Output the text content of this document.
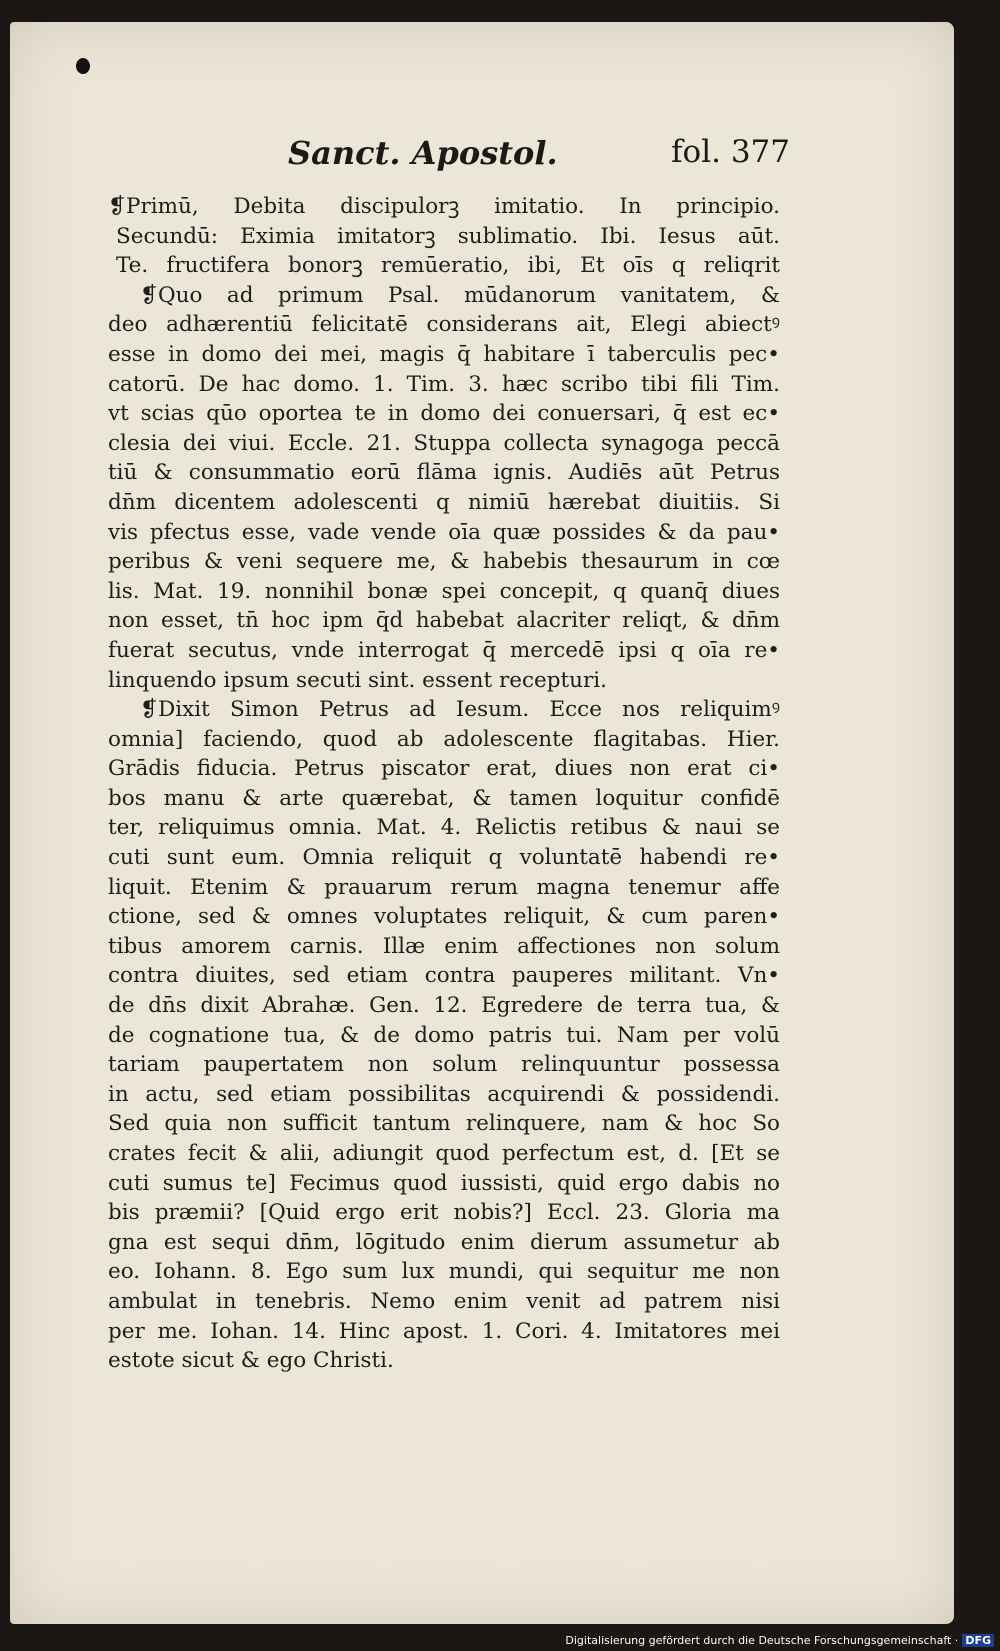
Sanct. Apostol.	fol. 377
❡Primū, Debita discipulorꝫ imitatio. In principio.
Secundū: Eximia imitatorꝫ sublimatio. Ibi. Iesus aūt.
Te. fructifera bonorꝫ remūeratio, ibi, Et oīs q reliqrit
❡Quo ad primum Psal. mūdanorum vanitatem, &
deo adhærentiū felicitatē considerans ait, Elegi abiectꝰ
esse in domo dei mei, magis q̄ habitare ī taberculis pec•
catorū. De hac domo. 1. Tim. 3. hæc scribo tibi fili Tim.
vt scias qūo oportea te in domo dei conuersari, q̄ est ec•
clesia dei viui. Eccle. 21. Stuppa collecta synagoga peccā
tiū & consummatio eorū flāma ignis. Audiēs aūt Petrus
dn̄m dicentem adolescenti q nimiū hærebat diuitiis. Si
vis pfectus esse, vade vende oīa quæ possides & da pau•
peribus & veni sequere me, & habebis thesaurum in cœ
lis. Mat. 19. nonnihil bonæ spei concepit, q quanq̄ diues
non esset, tn̄ hoc ipm q̄d habebat alacriter reliqt, & dn̄m
fuerat secutus, vnde interrogat q̄ mercedē ipsi q oīa re•
linquendo ipsum secuti sint. essent recepturi.
❡Dixit Simon Petrus ad Iesum. Ecce nos reliquimꝰ
omnia] faciendo, quod ab adolescente flagitabas. Hier.
Grādis fiducia. Petrus piscator erat, diues non erat ci•
bos manu & arte quærebat, & tamen loquitur confidē
ter, reliquimus omnia. Mat. 4. Relictis retibus & naui se
cuti sunt eum. Omnia reliquit q voluntatē habendi re•
liquit. Etenim & prauarum rerum magna tenemur affe
ctione, sed & omnes voluptates reliquit, & cum paren•
tibus amorem carnis. Illæ enim affectiones non solum
contra diuites, sed etiam contra pauperes militant. Vn•
de dn̄s dixit Abrahæ. Gen. 12. Egredere de terra tua, &
de cognatione tua, & de domo patris tui. Nam per volū
tariam paupertatem non solum relinquuntur possessa
in actu, sed etiam possibilitas acquirendi & possidendi.
Sed quia non sufficit tantum relinquere, nam & hoc So
crates fecit & alii, adiungit quod perfectum est, d. [Et se
cuti sumus te] Fecimus quod iussisti, quid ergo dabis no
bis præmii? [Quid ergo erit nobis?] Eccl. 23. Gloria ma
gna est sequi dn̄m, lōgitudo enim dierum assumetur ab
eo. Iohann. 8. Ego sum lux mundi, qui sequitur me non
ambulat in tenebris. Nemo enim venit ad patrem nisi
per me. Iohan. 14. Hinc apost. 1. Cori. 4. Imitatores mei
estote sicut & ego Christi.
Digitalisierung gefördert durch die Deutsche Forschungsgemeinschaft · DFG
